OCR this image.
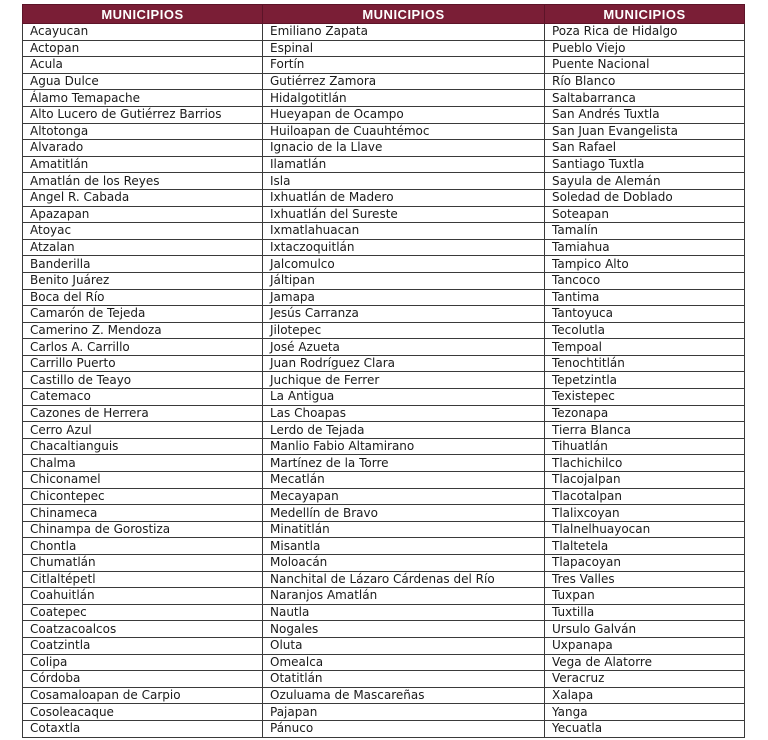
MUNICIPIOS	MUNICIPIOS	MUNICIPIOS
Acayucan	Emiliano Zapata	Poza Rica de Hidalgo
Actopan	Espinal	Pueblo Viejo
Acula	Fortín	Puente Nacional
Agua Dulce	Gutiérrez Zamora	Río Blanco
Álamo Temapache	Hidalgotitlán	Saltabarranca
Alto Lucero de Gutiérrez Barrios	Hueyapan de Ocampo	San Andrés Tuxtla
Altotonga	Huiloapan de Cuauhtémoc	San Juan Evangelista
Alvarado	Ignacio de la Llave	San Rafael
Amatitlán	Ilamatlán	Santiago Tuxtla
Amatlán de los Reyes	Isla	Sayula de Alemán
Angel R. Cabada	Ixhuatlán de Madero	Soledad de Doblado
Apazapan	Ixhuatlán del Sureste	Soteapan
Atoyac	Ixmatlahuacan	Tamalín
Atzalan	Ixtaczoquitlán	Tamiahua
Banderilla	Jalcomulco	Tampico Alto
Benito Juárez	Jáltipan	Tancoco
Boca del Río	Jamapa	Tantima
Camarón de Tejeda	Jesús Carranza	Tantoyuca
Camerino Z. Mendoza	Jilotepec	Tecolutla
Carlos A. Carrillo	José Azueta	Tempoal
Carrillo Puerto	Juan Rodríguez Clara	Tenochtitlán
Castillo de Teayo	Juchique de Ferrer	Tepetzintla
Catemaco	La Antigua	Texistepec
Cazones de Herrera	Las Choapas	Tezonapa
Cerro Azul	Lerdo de Tejada	Tierra Blanca
Chacaltianguis	Manlio Fabio Altamirano	Tihuatlán
Chalma	Martínez de la Torre	Tlachichilco
Chiconamel	Mecatlán	Tlacojalpan
Chicontepec	Mecayapan	Tlacotalpan
Chinameca	Medellín de Bravo	Tlalixcoyan
Chinampa de Gorostiza	Minatitlán	Tlalnelhuayocan
Chontla	Misantla	Tlaltetela
Chumatlán	Moloacán	Tlapacoyan
Citlaltépetl	Nanchital de Lázaro Cárdenas del Río	Tres Valles
Coahuitlán	Naranjos Amatlán	Tuxpan
Coatepec	Nautla	Tuxtilla
Coatzacoalcos	Nogales	Ursulo Galván
Coatzintla	Oluta	Uxpanapa
Colipa	Omealca	Vega de Alatorre
Córdoba	Otatitlán	Veracruz
Cosamaloapan de Carpio	Ozuluama de Mascareñas	Xalapa
Cosoleacaque	Pajapan	Yanga
Cotaxtla	Pánuco	Yecuatla
